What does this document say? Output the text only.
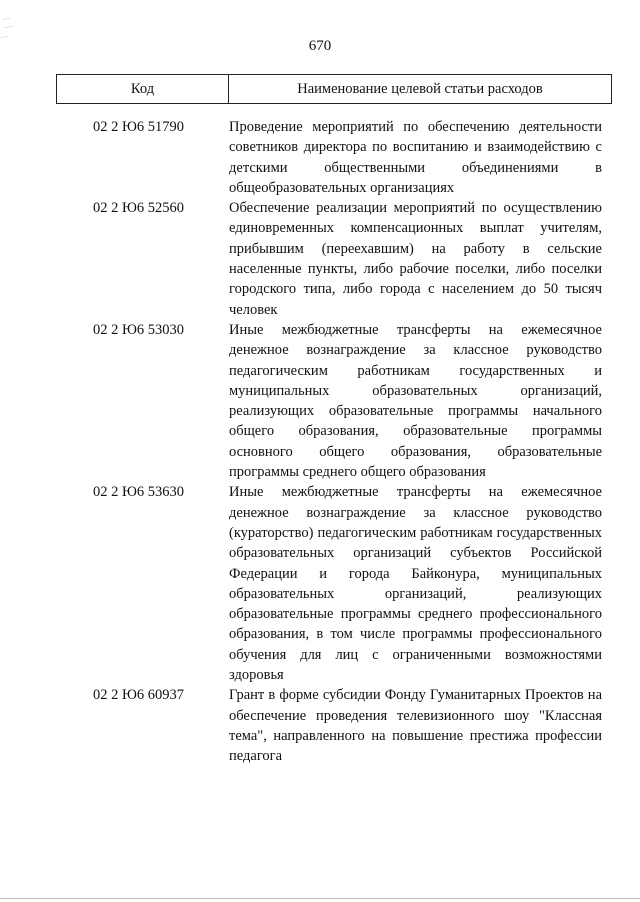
670
Код	Наименование целевой статьи расходов
02 2 Ю6 51790	Проведение мероприятий по обеспечению деятельности советников директора по воспитанию и взаимодействию с детскими общественными объединениями в общеобразовательных организациях
02 2 Ю6 52560	Обеспечение реализации мероприятий по осуществлению единовременных компенсационных выплат учителям, прибывшим (переехавшим) на работу в сельские населенные пункты, либо рабочие поселки, либо поселки городского типа, либо города с населением до 50 тысяч человек
02 2 Ю6 53030	Иные межбюджетные трансферты на ежемесячное денежное вознаграждение за классное руководство педагогическим работникам государственных и муниципальных образовательных организаций, реализующих образовательные программы начального общего образования, образовательные программы основного общего образования, образовательные программы среднего общего образования
02 2 Ю6 53630	Иные межбюджетные трансферты на ежемесячное денежное вознаграждение за классное руководство (кураторство) педагогическим работникам государственных образовательных организаций субъектов Российской Федерации и города Байконура, муниципальных образовательных организаций, реализующих образовательные программы среднего профессионального образования, в том числе программы профессионального обучения для лиц с ограниченными возможностями здоровья
02 2 Ю6 60937	Грант в форме субсидии Фонду Гуманитарных Проектов на обеспечение проведения телевизионного шоу "Классная тема", направленного на повышение престижа профессии педагога
